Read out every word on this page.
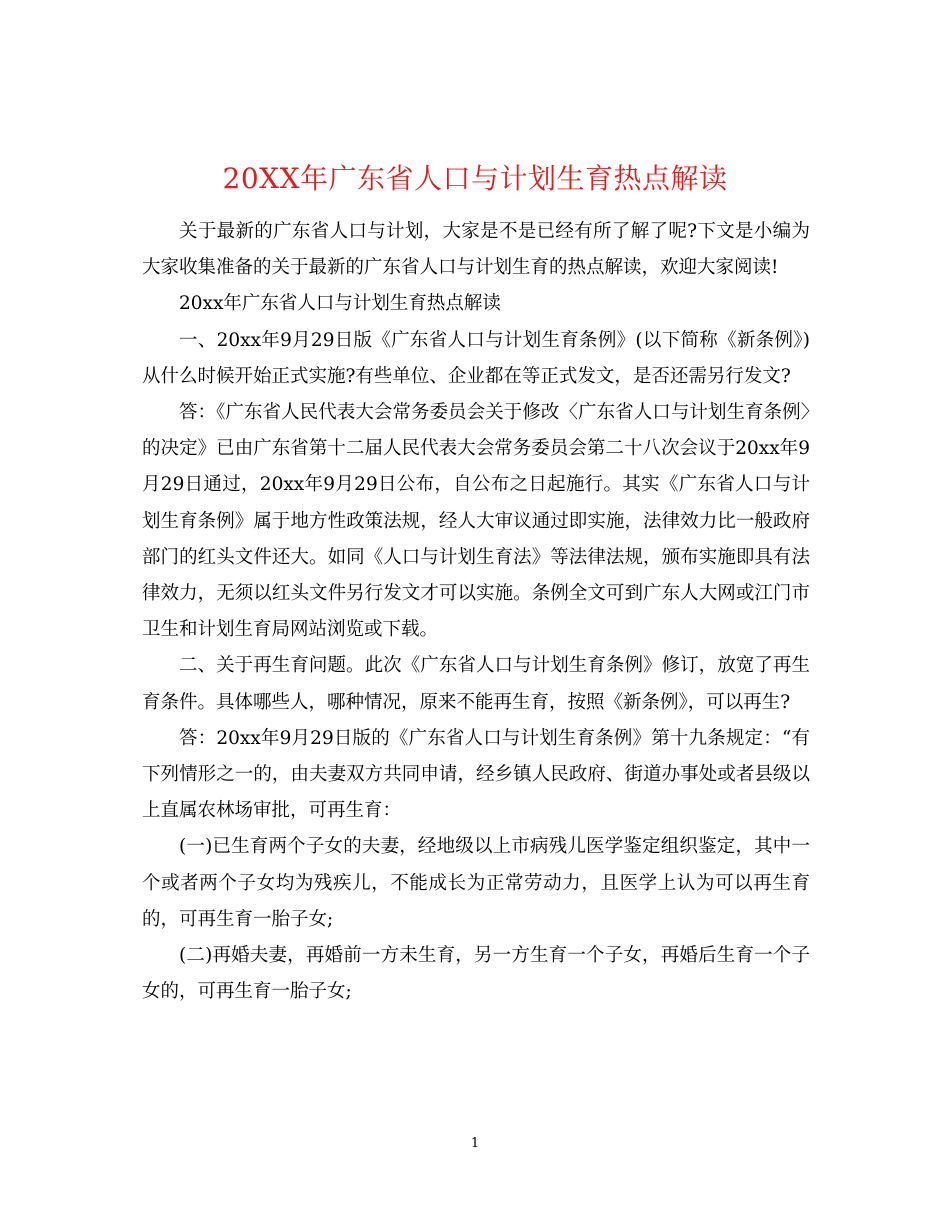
20XX年广东省人口与计划生育热点解读

关于最新的广东省人口与计划，大家是不是已经有所了解了呢?下文是小编为大家收集准备的关于最新的广东省人口与计划生育的热点解读，欢迎大家阅读!

20xx年广东省人口与计划生育热点解读

一、20xx年9月29日版《广东省人口与计划生育条例》(以下简称《新条例》)从什么时候开始正式实施?有些单位、企业都在等正式发文，是否还需另行发文?

答：《广东省人民代表大会常务委员会关于修改〈广东省人口与计划生育条例〉的决定》已由广东省第十二届人民代表大会常务委员会第二十八次会议于20xx年9月29日通过，20xx年9月29日公布，自公布之日起施行。其实《广东省人口与计划生育条例》属于地方性政策法规，经人大审议通过即实施，法律效力比一般政府部门的红头文件还大。如同《人口与计划生育法》等法律法规，颁布实施即具有法律效力，无须以红头文件另行发文才可以实施。条例全文可到广东人大网或江门市卫生和计划生育局网站浏览或下载。

二、关于再生育问题。此次《广东省人口与计划生育条例》修订，放宽了再生育条件。具体哪些人，哪种情况，原来不能再生育，按照《新条例》，可以再生?

答：20xx年9月29日版的《广东省人口与计划生育条例》第十九条规定：“有下列情形之一的，由夫妻双方共同申请，经乡镇人民政府、街道办事处或者县级以上直属农林场审批，可再生育：

(一)已生育两个子女的夫妻，经地级以上市病残儿医学鉴定组织鉴定，其中一个或者两个子女均为残疾儿，不能成长为正常劳动力，且医学上认为可以再生育的，可再生育一胎子女;

(二)再婚夫妻，再婚前一方未生育，另一方生育一个子女，再婚后生育一个子女的，可再生育一胎子女;

1
